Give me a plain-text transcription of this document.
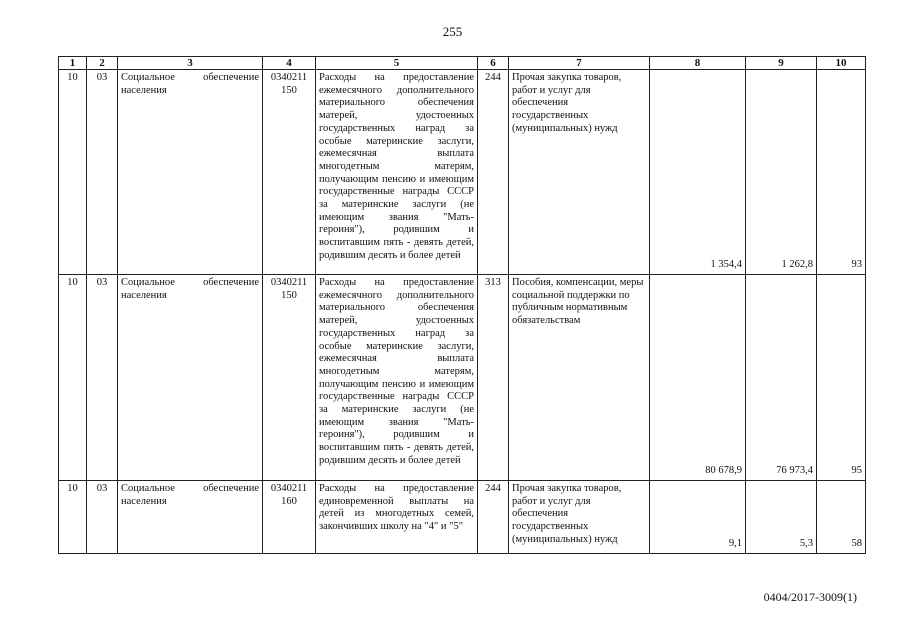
255
1	2	3	4	5	6	7	8	9	10
10	03	Социальное обеспечение населения	0340211 150	Расходы на предоставление ежемесячного дополнительного материального обеспечения матерей, удостоенных государственных наград за особые материнские заслуги, ежемесячная выплата многодетным матерям, получающим пенсию и имеющим государственные награды СССР за материнские заслуги (не имеющим звания "Мать-героиня"), родившим и воспитавшим пять - девять детей, родившим десять и более детей	244	Прочая закупка товаров, работ и услуг для обеспечения государственных (муниципальных) нужд	1 354,4	1 262,8	93
10	03	Социальное обеспечение населения	0340211 150	Расходы на предоставление ежемесячного дополнительного материального обеспечения матерей, удостоенных государственных наград за особые материнские заслуги, ежемесячная выплата многодетным матерям, получающим пенсию и имеющим государственные награды СССР за материнские заслуги (не имеющим звания "Мать-героиня"), родившим и воспитавшим пять - девять детей, родившим десять и более детей	313	Пособия, компенсации, меры социальной поддержки по публичным нормативным обязательствам	80 678,9	76 973,4	95
10	03	Социальное обеспечение населения	0340211 160	Расходы на предоставление единовременной выплаты на детей из многодетных семей, закончивших школу на "4" и "5"	244	Прочая закупка товаров, работ и услуг для обеспечения государственных (муниципальных) нужд	9,1	5,3	58
0404/2017-3009(1)
